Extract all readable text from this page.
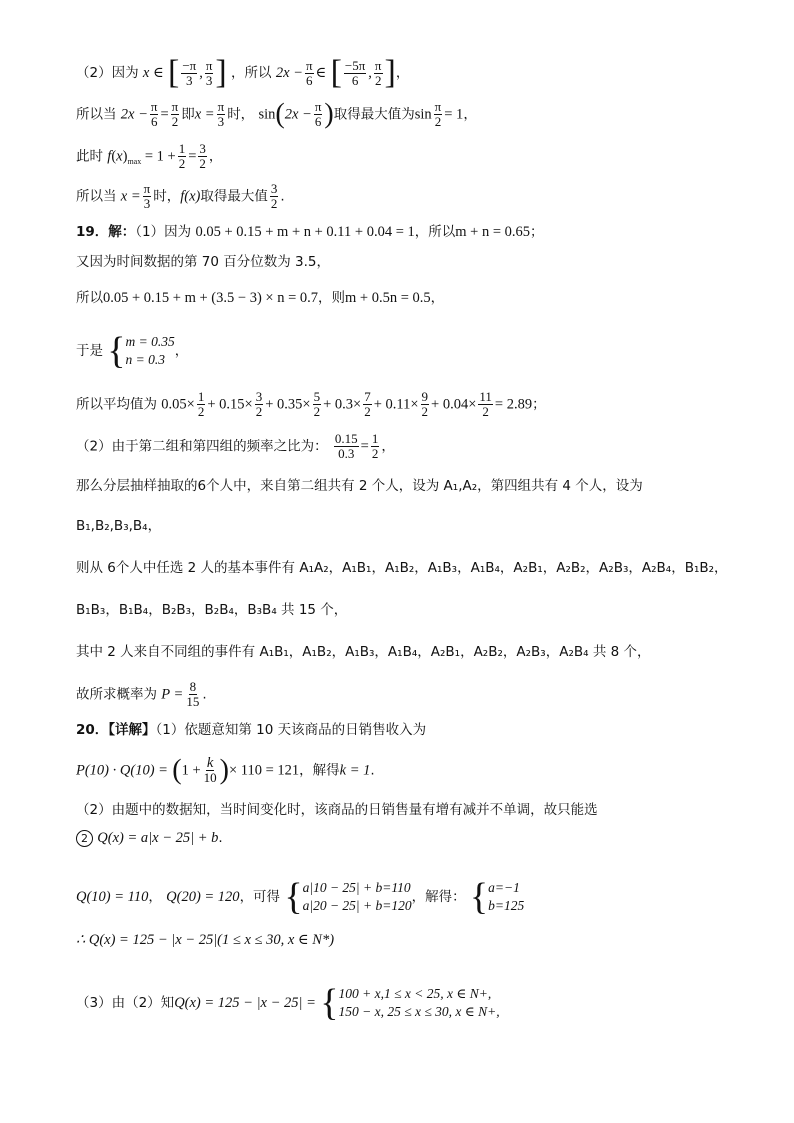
（2）因为 x ∈ [ $\frac{-\pi}{3}$ , $\frac{\pi}{3}$ ] ，所以 $2x - \frac{\pi}{6}$ ∈ [ $\frac{-5\pi}{6}$ , $\frac{\pi}{2}$ ]，
所以当 $2x - \frac{\pi}{6} = \frac{\pi}{2}$ 即$x = \frac{\pi}{3}$ 时， $\sin(2x - \frac{\pi}{6}$ )取得最大值为$\sin \frac{\pi}{2} = 1$，
此时 $f(x)_{max} = 1 + \frac{1}{2} = \frac{3}{2}$ ，
所以当 $x = \frac{\pi}{3}$ 时，f(x)取得最大值 $\frac{3}{2}$ .
19．解：（1）因为 0.05 + 0.15 + m + n + 0.11 + 0.04 = 1，所以m + n = 0.65；
又因为时间数据的第 70 百分位数为 3.5，
所以0.05 + 0.15 + m + (3.5 − 3) × n = 0.7，则m + 0.5n = 0.5，
于是 { m = 0.35
n = 0.3
，
所以平均值为 $0.05\times \frac{1}{2} + 0.15\times \frac{3}{2} + 0.35\times \frac{5}{2} + 0.3\times \frac{7}{2} + 0.11\times \frac{9}{2} + 0.04\times \frac{11}{2} = 2.89$；
（2）由于第二组和第四组的频率之比为： $\frac{0.15}{0.3} = \frac{1}{2}$ ，
那么分层抽样抽取的6个人中，来自第二组共有 2 个人，设为 A₁,A₂，第四组共有 4 个人，设为
B₁,B₂,B₃,B₄，
则从 6个人中任选 2 人的基本事件有 A₁A₂，A₁B₁，A₁B₂，A₁B₃，A₁B₄，A₂B₁，A₂B₂，A₂B₃，A₂B₄，B₁B₂，
B₁B₃，B₁B₄，B₂B₃，B₂B₄，B₃B₄ 共 15 个，
其中 2 人来自不同组的事件有 A₁B₁，A₁B₂，A₁B₃，A₁B₄，A₂B₁，A₂B₂，A₂B₃，A₂B₄ 共 8 个，
故所求概率为 $P = \frac{8}{15}$ .
20．【详解】（1）依题意知第 10 天该商品的日销售收入为
$P(10) \cdot Q(10) = (1 + \frac{k}{10}$ )× 110 = 121，解得k = 1.
（2）由题中的数据知，当时间变化时，该商品的日销售量有增有减并不单调，故只能选
2 Q(x) = a|x − 25| + b.
Q(10) = 110， Q(20) = 120，可得 { a|10 − 25| + b=110
a|20 − 25| + b=120
，解得： { a=−1
b=125
∴ Q(x) = 125 − |x − 25|(1 ≤ x ≤ 30, x ∈ N*)
（3）由（2）知Q(x) = 125 − |x − 25| = { 100 + x,1 ≤ x < 25, x ∈ N+,
150 − x, 25 ≤ x ≤ 30, x ∈ N+,
